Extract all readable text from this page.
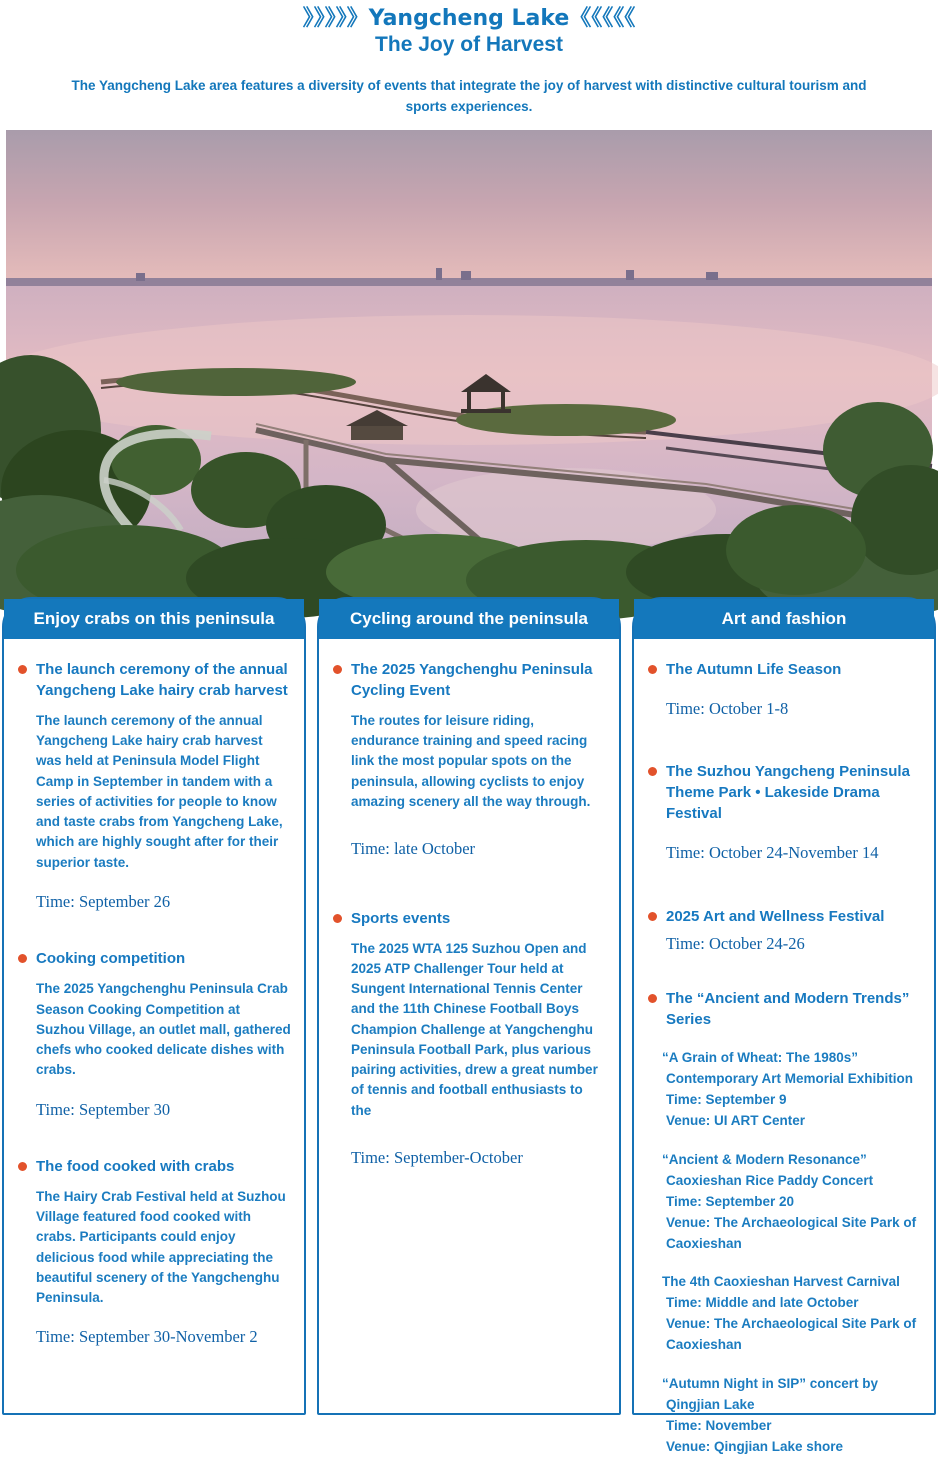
》》》》》Yangcheng Lake《《《《《
The Joy of Harvest
The Yangcheng Lake area features a diversity of events that integrate the joy of harvest with distinctive cultural tourism and sports experiences.
Enjoy crabs on this peninsula
The launch ceremony of the annual Yangcheng Lake hairy crab harvest
The launch ceremony of the annual Yangcheng Lake hairy crab harvest was held at Peninsula Model Flight Camp in September in tandem with a series of activities for people to know and taste crabs from Yangcheng Lake, which are highly sought after for their superior taste.
Time: September 26
Cooking competition
The 2025 Yangchenghu Peninsula Crab Season Cooking Competition at Suzhou Village, an outlet mall, gathered chefs who cooked delicate dishes with crabs.
Time: September 30
The food cooked with crabs
The Hairy Crab Festival held at Suzhou Village featured food cooked with crabs. Participants could enjoy delicious food while appreciating the beautiful scenery of the Yangchenghu Peninsula.
Time: September 30-November 2
Cycling around the peninsula
The 2025 Yangchenghu Peninsula Cycling Event
The routes for leisure riding, endurance training and speed racing link the most popular spots on the peninsula, allowing cyclists to enjoy amazing scenery all the way through.
Time: late October
Sports events
The 2025 WTA 125 Suzhou Open and 2025 ATP Challenger Tour held at Sungent International Tennis Center and the 11th Chinese Football Boys Champion Challenge at Yangchenghu Peninsula Football Park, plus various pairing activities, drew a great number of tennis and football enthusiasts to the
Time: September-October
Art and fashion
The Autumn Life Season
Time: October 1-8
The Suzhou Yangcheng Peninsula Theme Park • Lakeside Drama Festival
Time: October 24-November 14
2025 Art and Wellness Festival
Time: October 24-26
The “Ancient and Modern Trends” Series
“A Grain of Wheat: The 1980s” Contemporary Art Memorial Exhibition
Time: September 9
Venue: UI ART Center
“Ancient & Modern Resonance” Caoxieshan Rice Paddy Concert
Time: September 20
Venue: The Archaeological Site Park of Caoxieshan
The 4th Caoxieshan Harvest Carnival
Time: Middle and late October
Venue: The Archaeological Site Park of Caoxieshan
“Autumn Night in SIP” concert by Qingjian Lake
Time: November
Venue: Qingjian Lake shore
